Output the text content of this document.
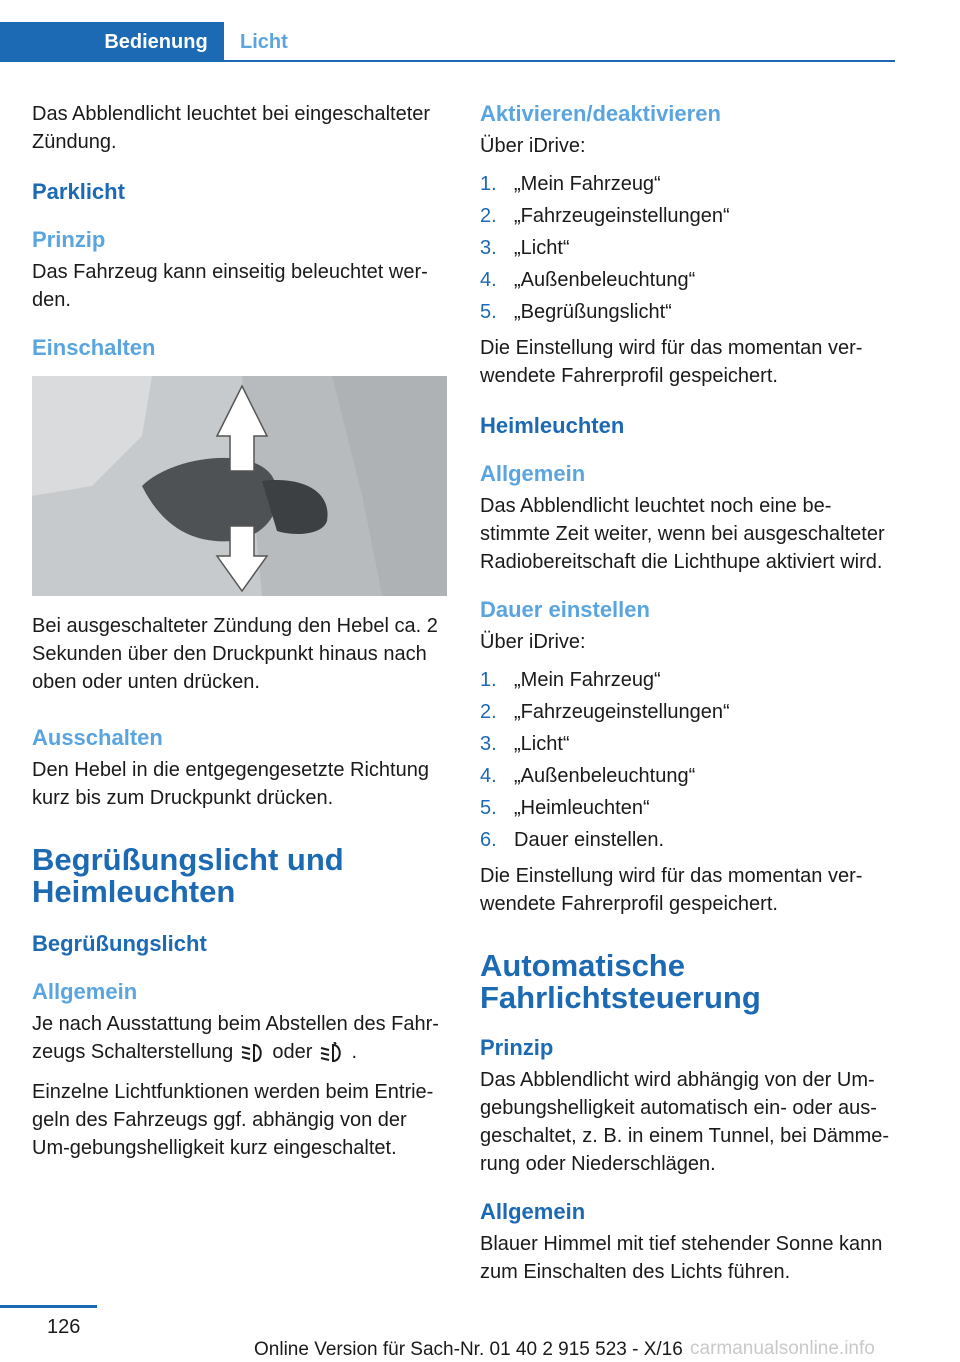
Bedienung	Licht

Das Abblendlicht leuchtet bei eingeschalteter Zündung.

Parklicht
Prinzip

Das Fahrzeug kann einseitig beleuchtet wer-den.

Einschalten

Bei ausgeschalteter Zündung den Hebel ca. 2 Sekunden über den Druckpunkt hinaus nach oben oder unten drücken.

Ausschalten

Den Hebel in die entgegengesetzte Richtung kurz bis zum Druckpunkt drücken.

Begrüßungslicht und Heimleuchten
Begrüßungslicht
Allgemein

Je nach Ausstattung beim Abstellen des Fahr-zeugs Schalterstellung oder .

Einzelne Lichtfunktionen werden beim Entrie-geln des Fahrzeugs ggf. abhängig von der Um-gebungshelligkeit kurz eingeschaltet.

Aktivieren/deaktivieren

Über iDrive:

1. „Mein Fahrzeug“
2. „Fahrzeugeinstellungen“
3. „Licht“
4. „Außenbeleuchtung“
5. „Begrüßungslicht“

Die Einstellung wird für das momentan ver-wendete Fahrerprofil gespeichert.

Heimleuchten
Allgemein

Das Abblendlicht leuchtet noch eine be-stimmte Zeit weiter, wenn bei ausgeschalteter Radiobereitschaft die Lichthupe aktiviert wird.

Dauer einstellen

Über iDrive:

1. „Mein Fahrzeug“
2. „Fahrzeugeinstellungen“
3. „Licht“
4. „Außenbeleuchtung“
5. „Heimleuchten“
6. Dauer einstellen.

Die Einstellung wird für das momentan ver-wendete Fahrerprofil gespeichert.

Automatische Fahrlichtsteuerung
Prinzip

Das Abblendlicht wird abhängig von der Um-gebungshelligkeit automatisch ein- oder aus-geschaltet, z. B. in einem Tunnel, bei Dämme-rung oder Niederschlägen.

Allgemein

Blauer Himmel mit tief stehender Sonne kann zum Einschalten des Lichts führen.

126
Online Version für Sach-Nr. 01 40 2 915 523 - X/16 carmanualsonline.info
